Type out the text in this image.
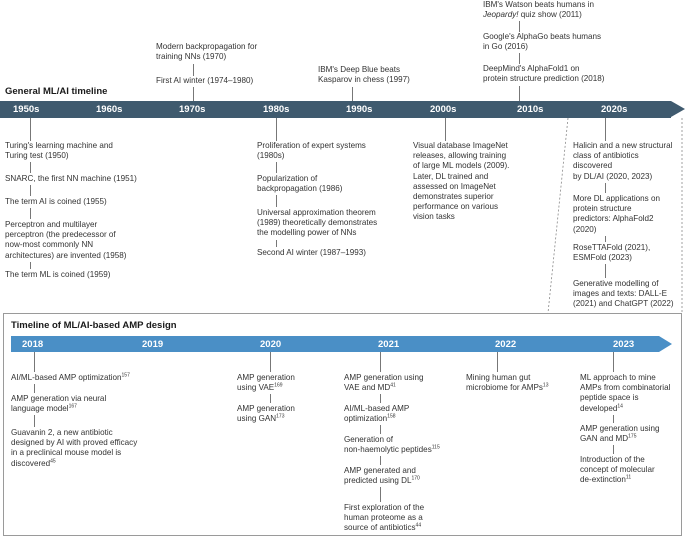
General ML/AI timeline
1950s	1960s	1970s	1980s	1990s	2000s	2010s	2020s
Modern backpropagation for
training NNs (1970)
First AI winter (1974–1980)
IBM's Deep Blue beats
Kasparov in chess (1997)
IBM's Watson beats humans in
Jeopardy! quiz show (2011)
Google's AlphaGo beats humans
in Go (2016)
DeepMind's AlphaFold1 on
protein structure prediction (2018)
Turing's learning machine and
Turing test (1950)
SNARC, the first NN machine (1951)
The term AI is coined (1955)
Perceptron and multilayer
perceptron (the predecessor of
now-most commonly NN
architectures) are invented (1958)
The term ML is coined (1959)
Proliferation of expert systems
(1980s)
Popularization of
backpropagation (1986)
Universal approximation theorem
(1989) theoretically demonstrates
the modelling power of NNs
Second AI winter (1987–1993)
Visual database ImageNet
releases, allowing training
of large ML models (2009).
Later, DL trained and
assessed on ImageNet
demonstrates superior
performance on various
vision tasks
Halicin and a new structural
class of antibiotics
discovered
by DL/AI (2020, 2023)
More DL applications on
protein structure
predictors: AlphaFold2
(2020)
RoseTTAFold (2021),
ESMFold (2023)
Generative modelling of
images and texts: DALL-E
(2021) and ChatGPT (2022)
Timeline of ML/AI-based AMP design
2018	2019	2020	2021	2022	2023
AI/ML-based AMP optimization$^{157}$
AMP generation via neural
language model$^{167}$
Guavanin 2, a new antibiotic
designed by AI with proved efficacy
in a preclinical mouse model is
discovered$^{45}$
AMP generation
using VAE$^{169}$
AMP generation
using GAN$^{173}$
AMP generation using
VAE and MD$^{41}$
AI/ML-based AMP
optimization$^{158}$
Generation of
non-haemolytic peptides$^{115}$
AMP generated and
predicted using DL$^{170}$
First exploration of the
human proteome as a
source of antibiotics$^{44}$
Mining human gut
microbiome for AMPs$^{13}$
ML approach to mine
AMPs from combinatorial
peptide space is
developed$^{14}$
AMP generation using
GAN and MD$^{175}$
Introduction of the
concept of molecular
de-extinction$^{11}$
